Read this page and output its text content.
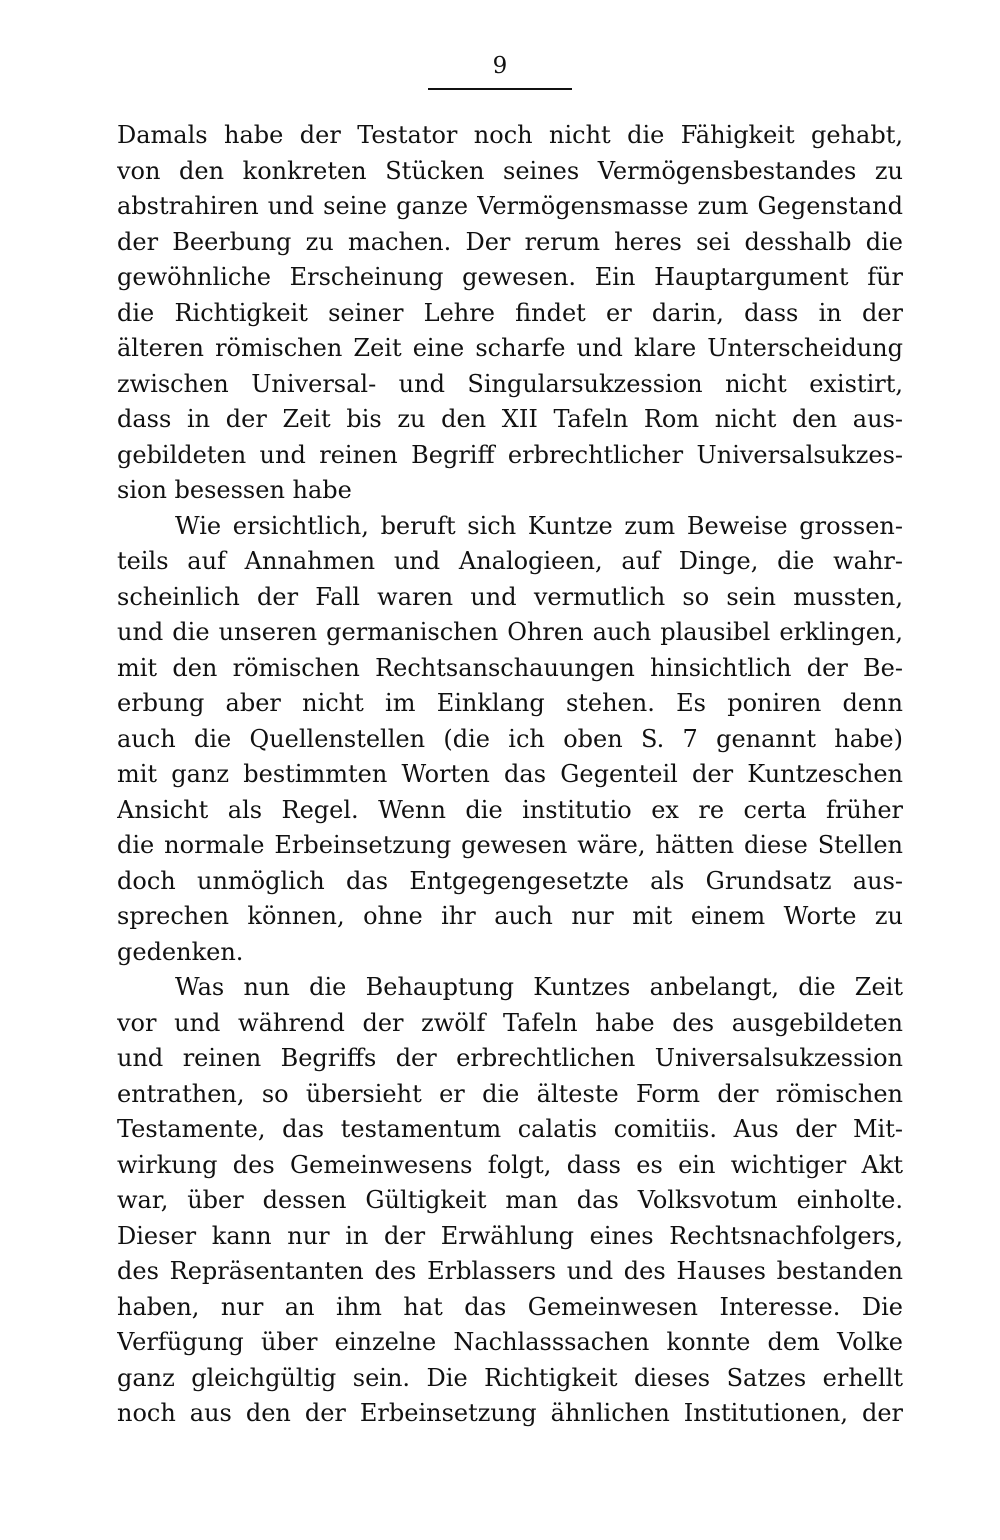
9
Damals habe der Testator noch nicht die Fähigkeit gehabt,
von den konkreten Stücken seines Vermögensbestandes zu
abstrahiren und seine ganze Vermögensmasse zum Gegenstand
der Beerbung zu machen. Der rerum heres sei desshalb die
gewöhnliche Erscheinung gewesen. Ein Hauptargument für
die Richtigkeit seiner Lehre findet er darin, dass in der
älteren römischen Zeit eine scharfe und klare Unterscheidung
zwischen Universal- und Singularsukzession nicht existirt,
dass in der Zeit bis zu den XII Tafeln Rom nicht den aus-
gebildeten und reinen Begriff erbrechtlicher Universalsukzes-
sion besessen habe
Wie ersichtlich, beruft sich Kuntze zum Beweise grossen-
teils auf Annahmen und Analogieen, auf Dinge, die wahr-
scheinlich der Fall waren und vermutlich so sein mussten,
und die unseren germanischen Ohren auch plausibel erklingen,
mit den römischen Rechtsanschauungen hinsichtlich der Be-
erbung aber nicht im Einklang stehen. Es poniren denn
auch die Quellenstellen (die ich oben S. 7 genannt habe)
mit ganz bestimmten Worten das Gegenteil der Kuntzeschen
Ansicht als Regel. Wenn die institutio ex re certa früher
die normale Erbeinsetzung gewesen wäre, hätten diese Stellen
doch unmöglich das Entgegengesetzte als Grundsatz aus-
sprechen können, ohne ihr auch nur mit einem Worte zu
gedenken.
Was nun die Behauptung Kuntzes anbelangt, die Zeit
vor und während der zwölf Tafeln habe des ausgebildeten
und reinen Begriffs der erbrechtlichen Universalsukzession
entrathen, so übersieht er die älteste Form der römischen
Testamente, das testamentum calatis comitiis. Aus der Mit-
wirkung des Gemeinwesens folgt, dass es ein wichtiger Akt
war, über dessen Gültigkeit man das Volksvotum einholte.
Dieser kann nur in der Erwählung eines Rechtsnachfolgers,
des Repräsentanten des Erblassers und des Hauses bestanden
haben, nur an ihm hat das Gemeinwesen Interesse. Die
Verfügung über einzelne Nachlasssachen konnte dem Volke
ganz gleichgültig sein. Die Richtigkeit dieses Satzes erhellt
noch aus den der Erbeinsetzung ähnlichen Institutionen, der
